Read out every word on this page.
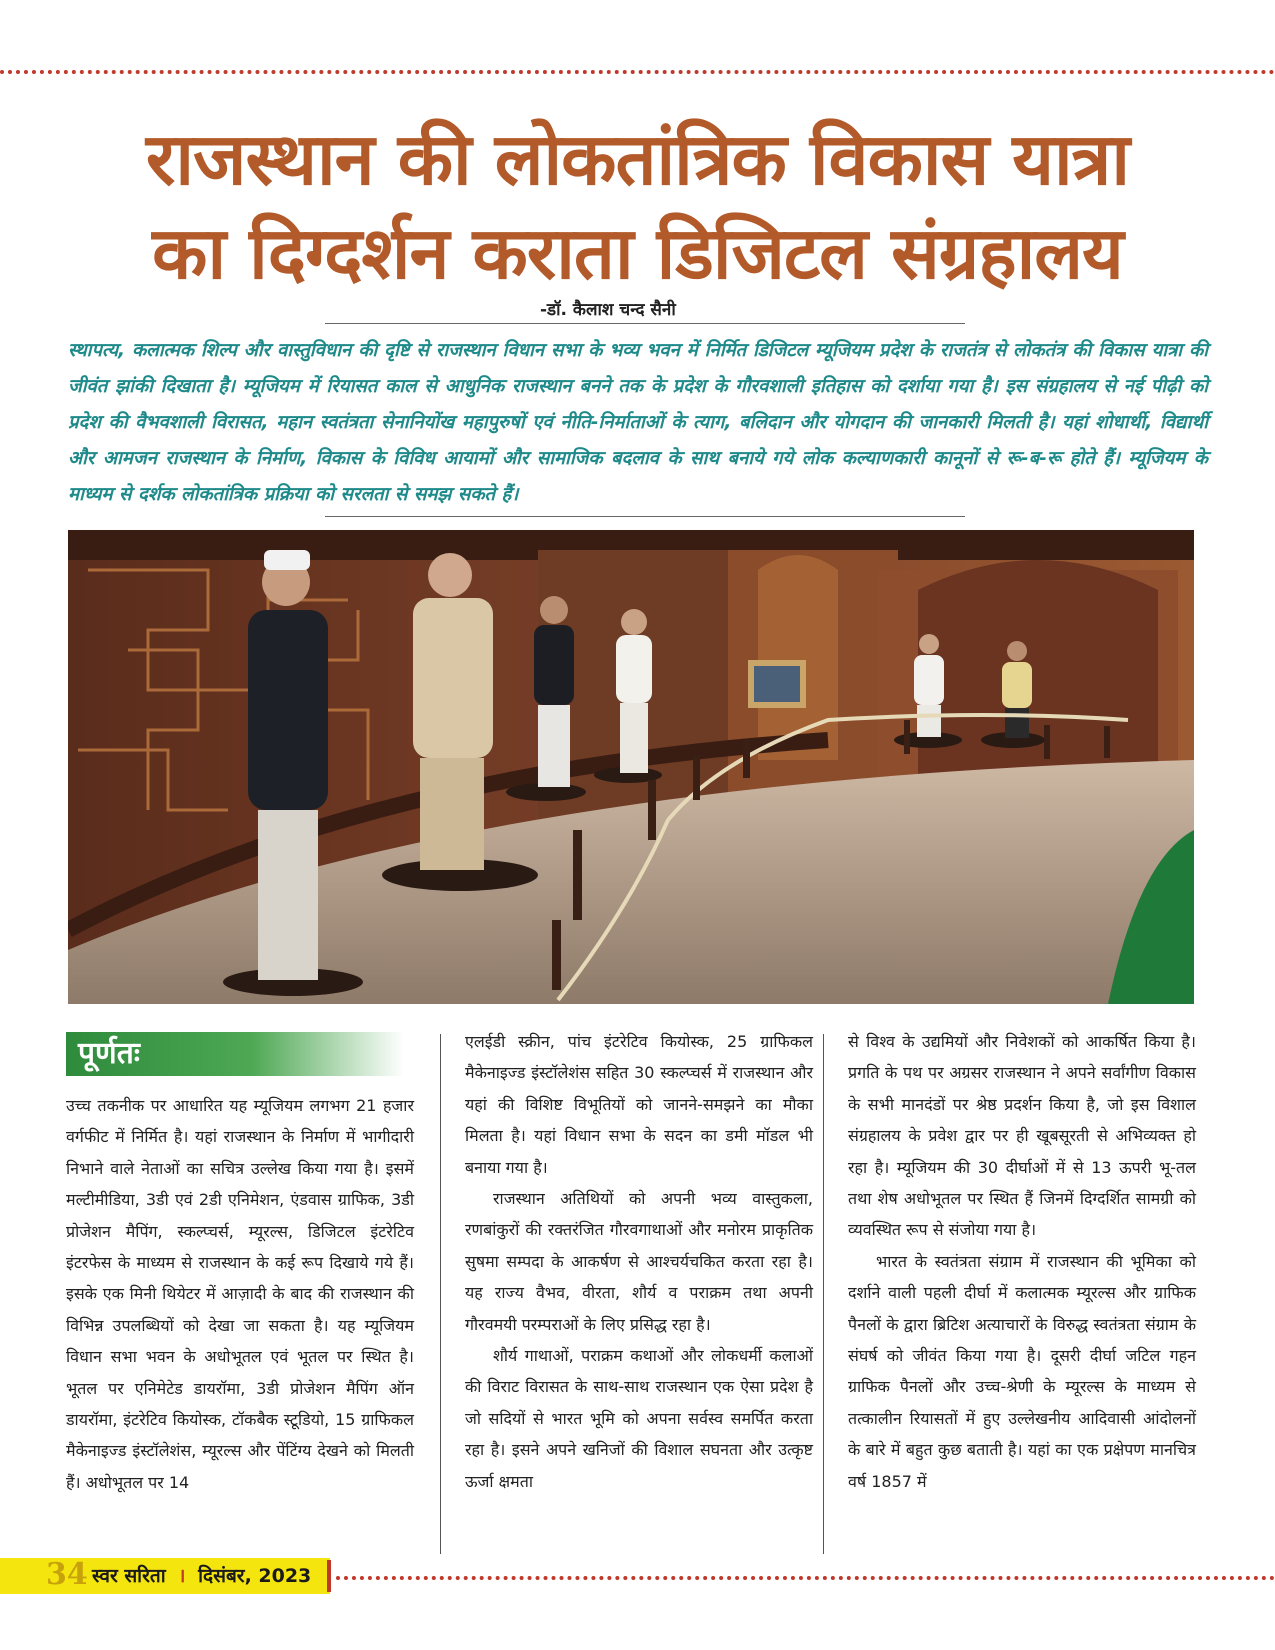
राजस्थान की लोकतांत्रिक विकास यात्रा
का दिग्दर्शन कराता डिजिटल संग्रहालय
-डॉ. कैलाश चन्द सैनी

स्थापत्य, कलात्मक शिल्प और वास्तुविधान की दृष्टि से राजस्थान विधान सभा के भव्य भवन में निर्मित डिजिटल म्यूजियम प्रदेश के राजतंत्र से लोकतंत्र की विकास यात्रा की जीवंत झांकी दिखाता है। म्यूजियम में रियासत काल से आधुनिक राजस्थान बनने तक के प्रदेश के गौरवशाली इतिहास को दर्शाया गया है। इस संग्रहालय से नई पीढ़ी को प्रदेश की वैभवशाली विरासत, महान स्वतंत्रता सेनानियोंख महापुरुषों एवं नीति-निर्माताओं के त्याग, बलिदान और योगदान की जानकारी मिलती है। यहां शोधार्थी, विद्यार्थी और आमजन राजस्थान के निर्माण, विकास के विविध आयामों और सामाजिक बदलाव के साथ बनाये गये लोक कल्याणकारी कानूनों से रू-ब-रू होते हैं। म्यूजियम के माध्यम से दर्शक लोकतांत्रिक प्रक्रिया को सरलता से समझ सकते हैं।

पूर्णतः

उच्च तकनीक पर आधारित यह म्यूजियम लगभग 21 हजार वर्गफीट में निर्मित है। यहां राजस्थान के निर्माण में भागीदारी निभाने वाले नेताओं का सचित्र उल्लेख किया गया है। इसमें मल्टीमीडिया, 3डी एवं 2डी एनिमेशन, एंडवास ग्राफिक, 3डी प्रोजेशन मैपिंग, स्कल्प्चर्स, म्यूरल्स, डिजिटल इंटरेटिव इंटरफेस के माध्यम से राजस्थान के कई रूप दिखाये गये हैं। इसके एक मिनी थियेटर में आज़ादी के बाद की राजस्थान की विभिन्न उपलब्धियों को देखा जा सकता है। यह म्यूजियम विधान सभा भवन के अधोभूतल एवं भूतल पर स्थित है। भूतल पर एनिमेटेड डायरॉमा, 3डी प्रोजेशन मैपिंग ऑन डायरॉमा, इंटरेटिव कियोस्क, टॉकबैक स्टूडियो, 15 ग्राफिकल मैकेनाइज्ड इंस्टॉलेशंस, म्यूरल्स और पेंटिंग्य देखने को मिलती हैं। अधोभूतल पर 14

एलईडी स्क्रीन, पांच इंटरेटिव कियोस्क, 25 ग्राफिकल मैकेनाइज्ड इंस्टॉलेशंस सहित 30 स्कल्प्चर्स में राजस्थान और यहां की विशिष्ट विभूतियों को जानने-समझने का मौका मिलता है। यहां विधान सभा के सदन का डमी मॉडल भी बनाया गया है।

राजस्थान अतिथियों को अपनी भव्य वास्तुकला, रणबांकुरों की रक्तरंजित गौरवगाथाओं और मनोरम प्राकृतिक सुषमा सम्पदा के आकर्षण से आश्चर्यचकित करता रहा है। यह राज्य वैभव, वीरता, शौर्य व पराक्रम तथा अपनी गौरवमयी परम्पराओं के लिए प्रसिद्ध रहा है।

शौर्य गाथाओं, पराक्रम कथाओं और लोकधर्मी कलाओं की विराट विरासत के साथ-साथ राजस्थान एक ऐसा प्रदेश है जो सदियों से भारत भूमि को अपना सर्वस्व समर्पित करता रहा है। इसने अपने खनिजों की विशाल सघनता और उत्कृष्ट ऊर्जा क्षमता

से विश्व के उद्यमियों और निवेशकों को आकर्षित किया है। प्रगति के पथ पर अग्रसर राजस्थान ने अपने सर्वांगीण विकास के सभी मानदंडों पर श्रेष्ठ प्रदर्शन किया है, जो इस विशाल संग्रहालय के प्रवेश द्वार पर ही खूबसूरती से अभिव्यक्त हो रहा है। म्यूजियम की 30 दीर्घाओं में से 13 ऊपरी भू-तल तथा शेष अधोभूतल पर स्थित हैं जिनमें दिग्दर्शित सामग्री को व्यवस्थित रूप से संजोया गया है।

भारत के स्वतंत्रता संग्राम में राजस्थान की भूमिका को दर्शाने वाली पहली दीर्घा में कलात्मक म्यूरल्स और ग्राफिक पैनलों के द्वारा ब्रिटिश अत्याचारों के विरुद्ध स्वतंत्रता संग्राम के संघर्ष को जीवंत किया गया है। दूसरी दीर्घा जटिल गहन ग्राफिक पैनलों और उच्च-श्रेणी के म्यूरल्स के माध्यम से तत्कालीन रियासतों में हुए उल्लेखनीय आदिवासी आंदोलनों के बारे में बहुत कुछ बताती है। यहां का एक प्रक्षेपण मानचित्र वर्ष 1857 में

34 स्वर सरिता । दिसंबर, 2023
